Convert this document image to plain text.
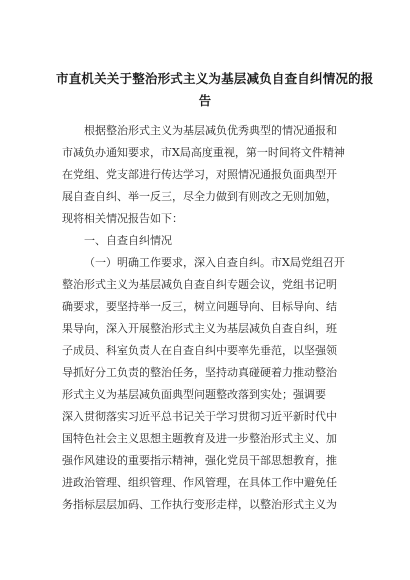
市直机关关于整治形式主义为基层减负自查自纠情况的报
告

根据整治形式主义为基层减负优秀典型的情况通报和
市减负办通知要求，市X局高度重视，第一时间将文件精神
在党组、党支部进行传达学习，对照情况通报负面典型开
展自查自纠、举一反三，尽全力做到有则改之无则加勉，
现将相关情况报告如下：

一、自查自纠情况

（一）明确工作要求，深入自查自纠。市X局党组召开
整治形式主义为基层减负自查自纠专题会议，党组书记明
确要求，要坚持举一反三，树立问题导向、目标导向、结
果导向，深入开展整治形式主义为基层减负自查自纠，班
子成员、科室负责人在自查自纠中要率先垂范，以坚强领
导抓好分工负责的整治任务，坚持动真碰硬着力推动整治
形式主义为基层减负面典型问题整改落到实处；强调要
深入贯彻落实习近平总书记关于学习贯彻习近平新时代中
国特色社会主义思想主题教育及进一步整治形式主义、加
强作风建设的重要指示精神，强化党员干部思想教育，推
进政治管理、组织管理、作风管理，在具体工作中避免任
务指标层层加码、工作执行变形走样，以整治形式主义为
